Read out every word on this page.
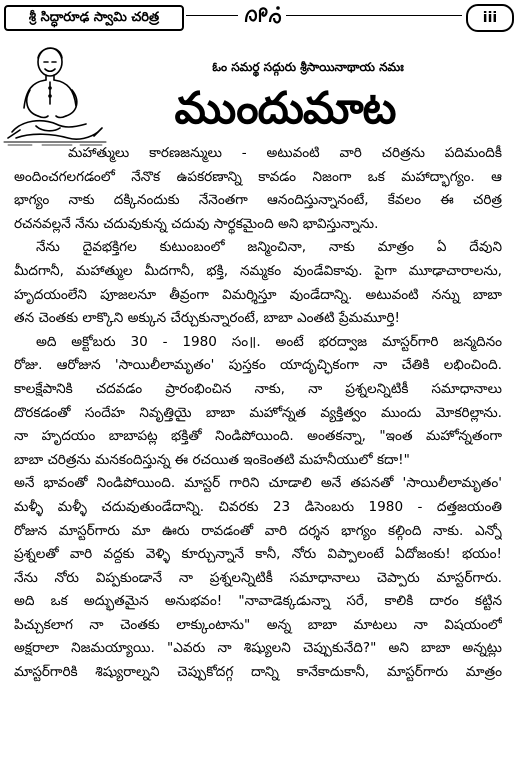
శ్రీ సిద్ధారూఢ స్వామి చరిత్ర	iii
ఓం సమర్థ సద్గురు శ్రీసాయినాథాయ నమః
ముందుమాట

మహాత్ములు కారణజన్ములు - అటువంటి వారి చరిత్రను పదిమందికీ

అందించగలగడంలో నేనొక ఉపకరణాన్ని కావడం నిజంగా ఒక మహాద్భాగ్యం. ఆ
భాగ్యం నాకు దక్కినందుకు నేనెంతగా ఆనందిస్తున్నానంటే, కేవలం ఈ చరిత్ర
రచనవల్లనే నేను చదువుకున్న చదువు సార్థకమైంది అని భావిస్తున్నాను.

నేను దైవభక్తిగల కుటుంబంలో జన్మించినా, నాకు మాత్రం ఏ దేవుని
మీదగానీ, మహాత్ముల మీదగానీ, భక్తి, నమ్మకం వుండేవికావు. పైగా మూఢాచారాలను,
హృదయంలేని పూజలనూ తీవ్రంగా విమర్శిస్తూ వుండేదాన్ని. అటువంటి నన్ను బాబా
తన చెంతకు లాక్కొని అక్కున చేర్చుకున్నారంటే, బాబా ఎంతటి ప్రేమమూర్తి!

అది అక్టోబరు 30 - 1980 సం॥. అంటే భరద్వాజ మాస్టర్‌గారి జన్మదినం
రోజు. ఆరోజున 'సాయిలీలామృతం' పుస్తకం యాదృచ్ఛికంగా నా చేతికి లభించింది.
కాలక్షేపానికి చదవడం ప్రారంభించిన నాకు, నా ప్రశ్నలన్నిటికీ సమాధానాలు
దొరకడంతో సందేహ నివృత్తియై బాబా మహోన్నత వ్యక్తిత్వం ముందు మోకరిల్లాను.
నా హృదయం బాబాపట్ల భక్తితో నిండిపోయింది. అంతకన్నా, "ఇంత మహోన్నతంగా
బాబా చరిత్రను మనకందిస్తున్న ఈ రచయిత ఇంకెంతటి మహనీయులో కదా!"
అనే భావంతో నిండిపోయింది. మాస్టర్ గారిని చూడాలి అనే తపనతో 'సాయిలీలామృతం'
మళ్ళీ మళ్ళీ చదువుతుండేదాన్ని. చివరకు 23 డిసెంబరు 1980 - దత్తజయంతి
రోజున మాస్టర్‌గారు మా ఊరు రావడంతో వారి దర్శన భాగ్యం కల్గింది నాకు. ఎన్నో
ప్రశ్నలతో వారి వద్దకు వెళ్ళి కూర్చున్నానే కానీ, నోరు విప్పాలంటే ఏదోజంకు! భయం!
నేను నోరు విప్పకుండానే నా ప్రశ్నలన్నిటికీ సమాధానాలు చెప్పారు మాస్టర్‌గారు.
అది ఒక అద్భుతమైన అనుభవం! "నావాడెక్కడున్నా సరే, కాలికి దారం కట్టిన
పిచ్చుకలాగ నా చెంతకు లాక్కుంటాను" అన్న బాబా మాటలు నా విషయంలో
అక్షరాలా నిజమయ్యాయి. "ఎవరు నా శిష్యులని చెప్పుకునేది?" అని బాబా అన్నట్లు
మాస్టర్‌గారికి శిష్యురాల్నని చెప్పుకోదగ్గ దాన్ని కానేకాదుకానీ, మాస్టర్‌గారు మాత్రం
